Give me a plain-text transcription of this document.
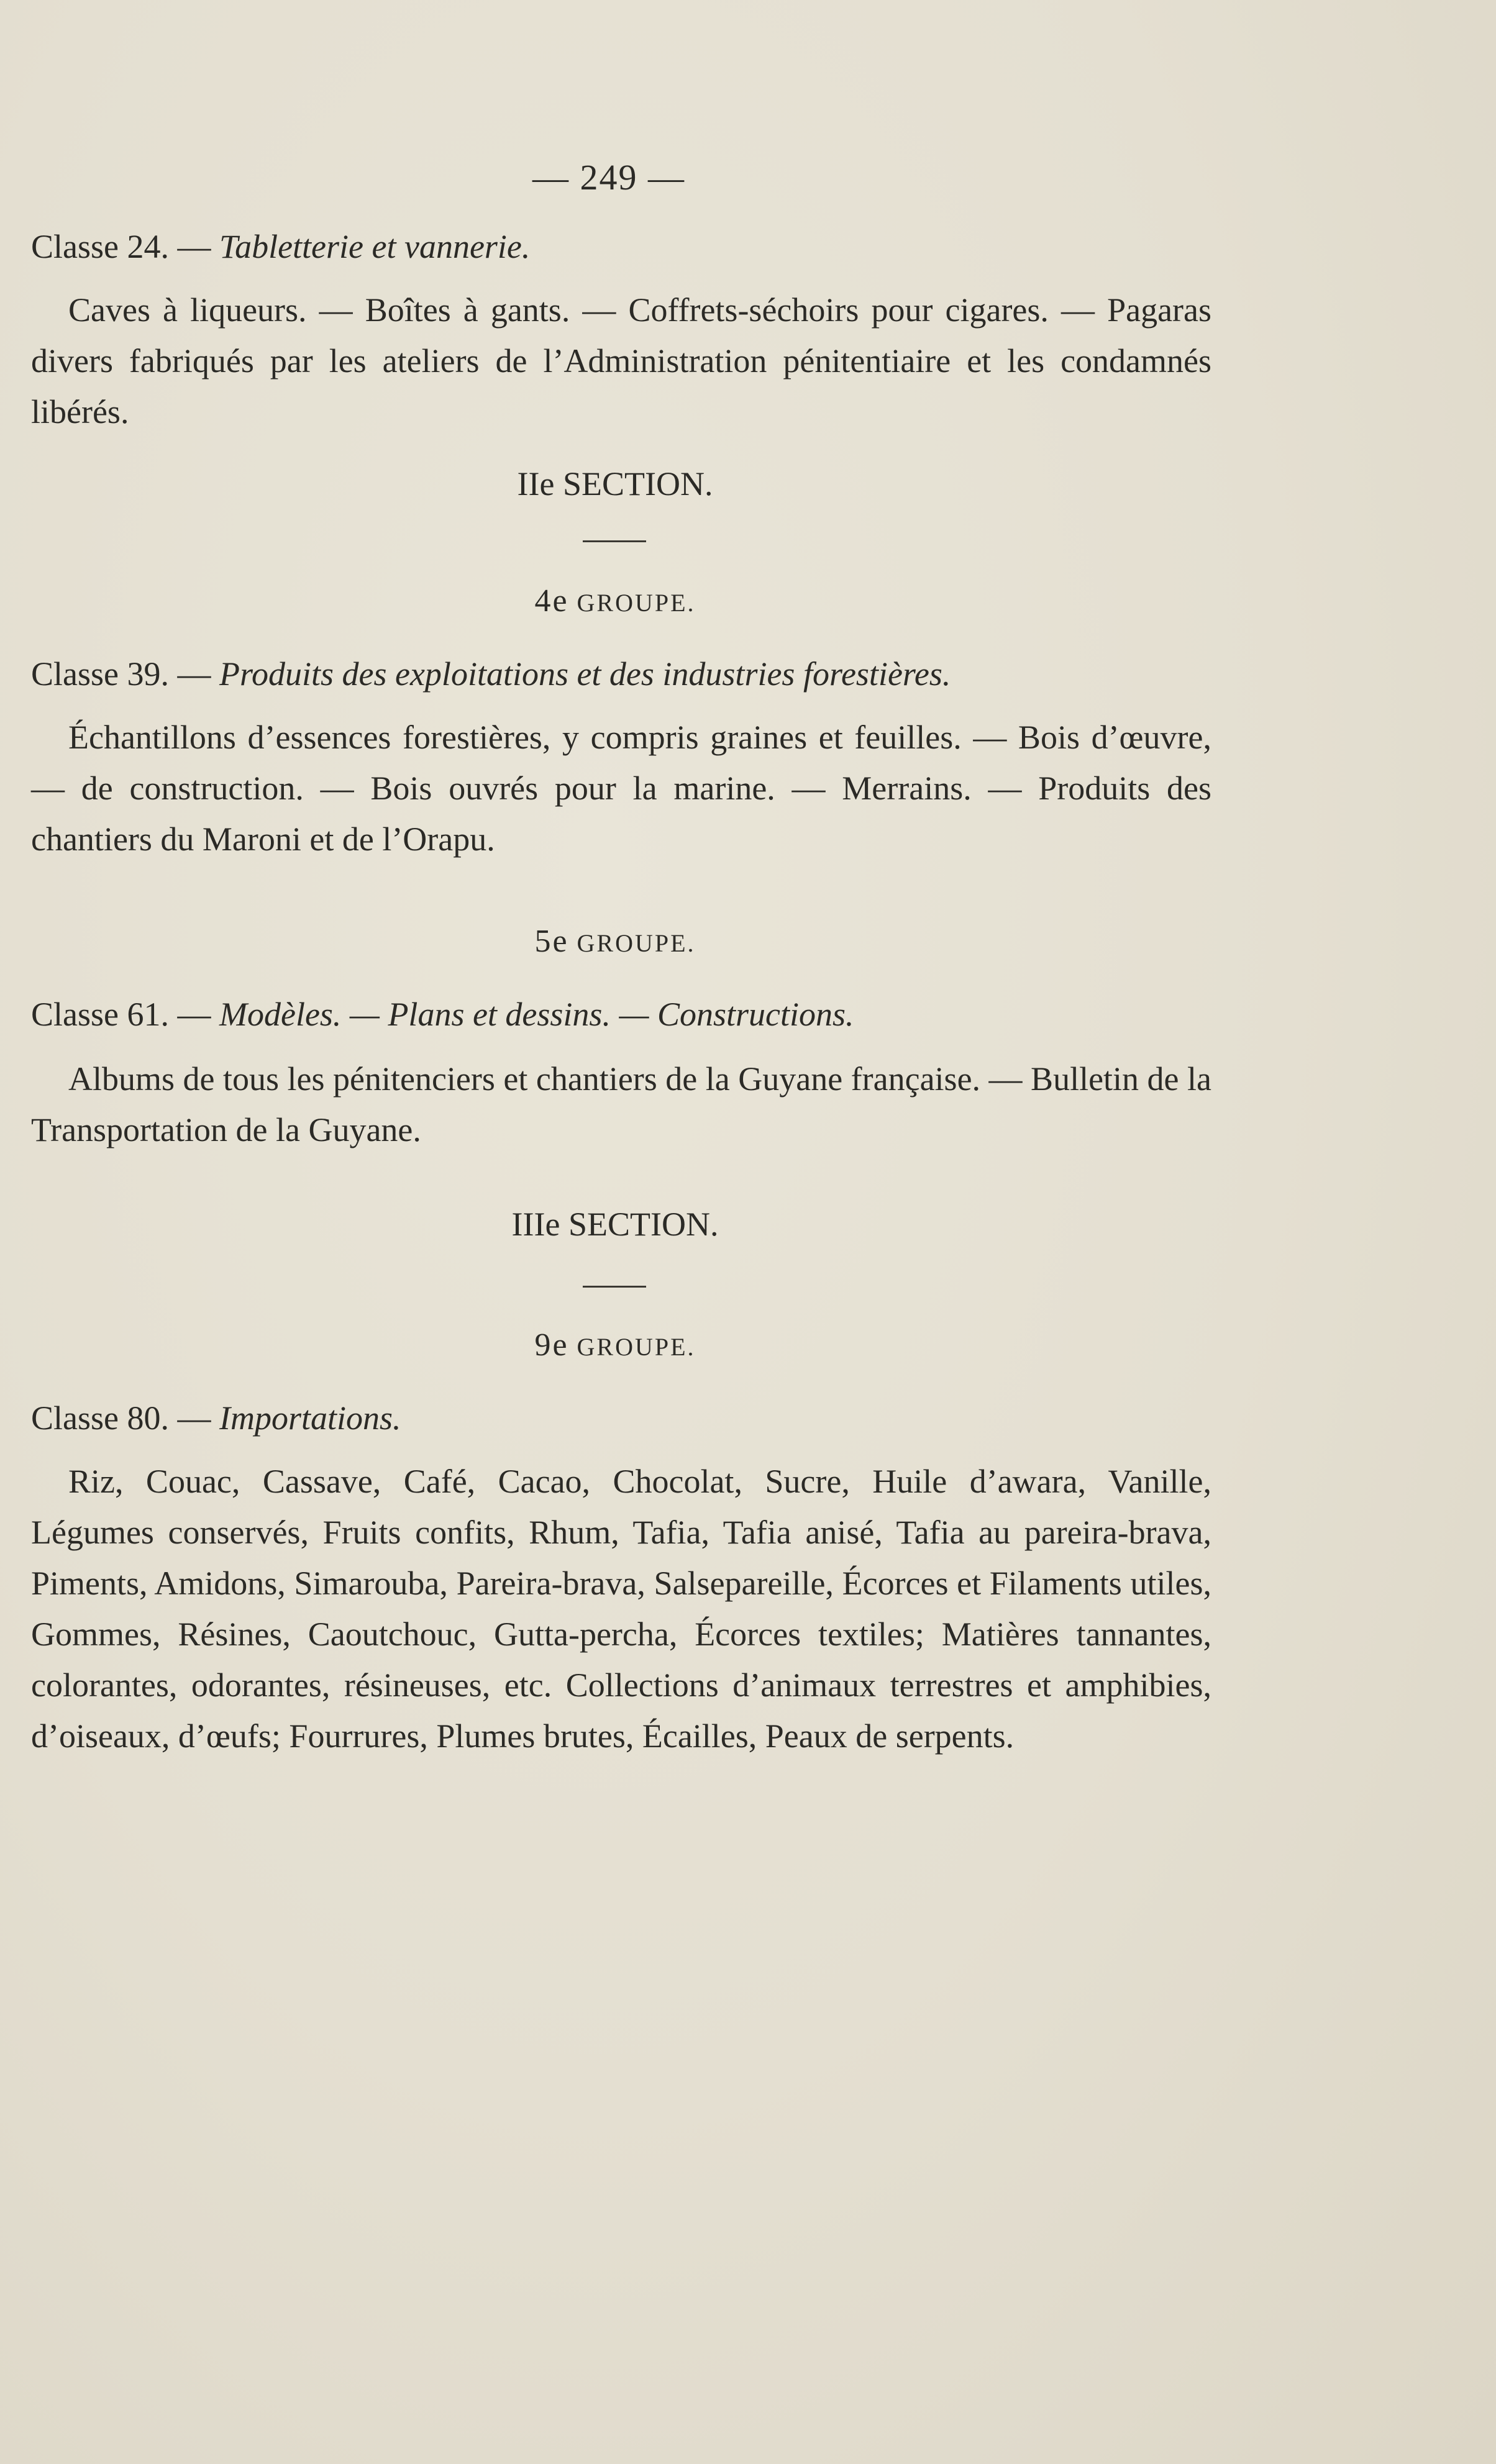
— 249 —
Classe 24. — Tabletterie et vannerie.
Caves à liqueurs. — Boîtes à gants. — Coffrets-séchoirs pour cigares. — Pagaras divers fabriqués par les ateliers de l’Administration pénitentiaire et les condamnés libérés.
IIe SECTION.
4e GROUPE.
Classe 39. — Produits des exploitations et des industries forestières.
Échantillons d’essences forestières, y compris graines et feuilles. — Bois d’œuvre, — de construction. — Bois ouvrés pour la marine. — Merrains. — Produits des chantiers du Maroni et de l’Orapu.
5e GROUPE.
Classe 61. — Modèles. — Plans et dessins. — Constructions.
Albums de tous les pénitenciers et chantiers de la Guyane française. — Bulletin de la Transportation de la Guyane.
IIIe SECTION.
9e GROUPE.
Classe 80. — Importations.
Riz, Couac, Cassave, Café, Cacao, Chocolat, Sucre, Huile d’awara, Vanille, Légumes conservés, Fruits confits, Rhum, Tafia, Tafia anisé, Tafia au pareira-brava, Piments, Amidons, Simarouba, Pareira-brava, Salsepareille, Écorces et Filaments utiles, Gommes, Résines, Caoutchouc, Gutta-percha, Écorces textiles; Matières tannantes, colorantes, odorantes, résineuses, etc. Collections d’animaux terrestres et amphibies, d’oiseaux, d’œufs; Fourrures, Plumes brutes, Écailles, Peaux de serpents.
